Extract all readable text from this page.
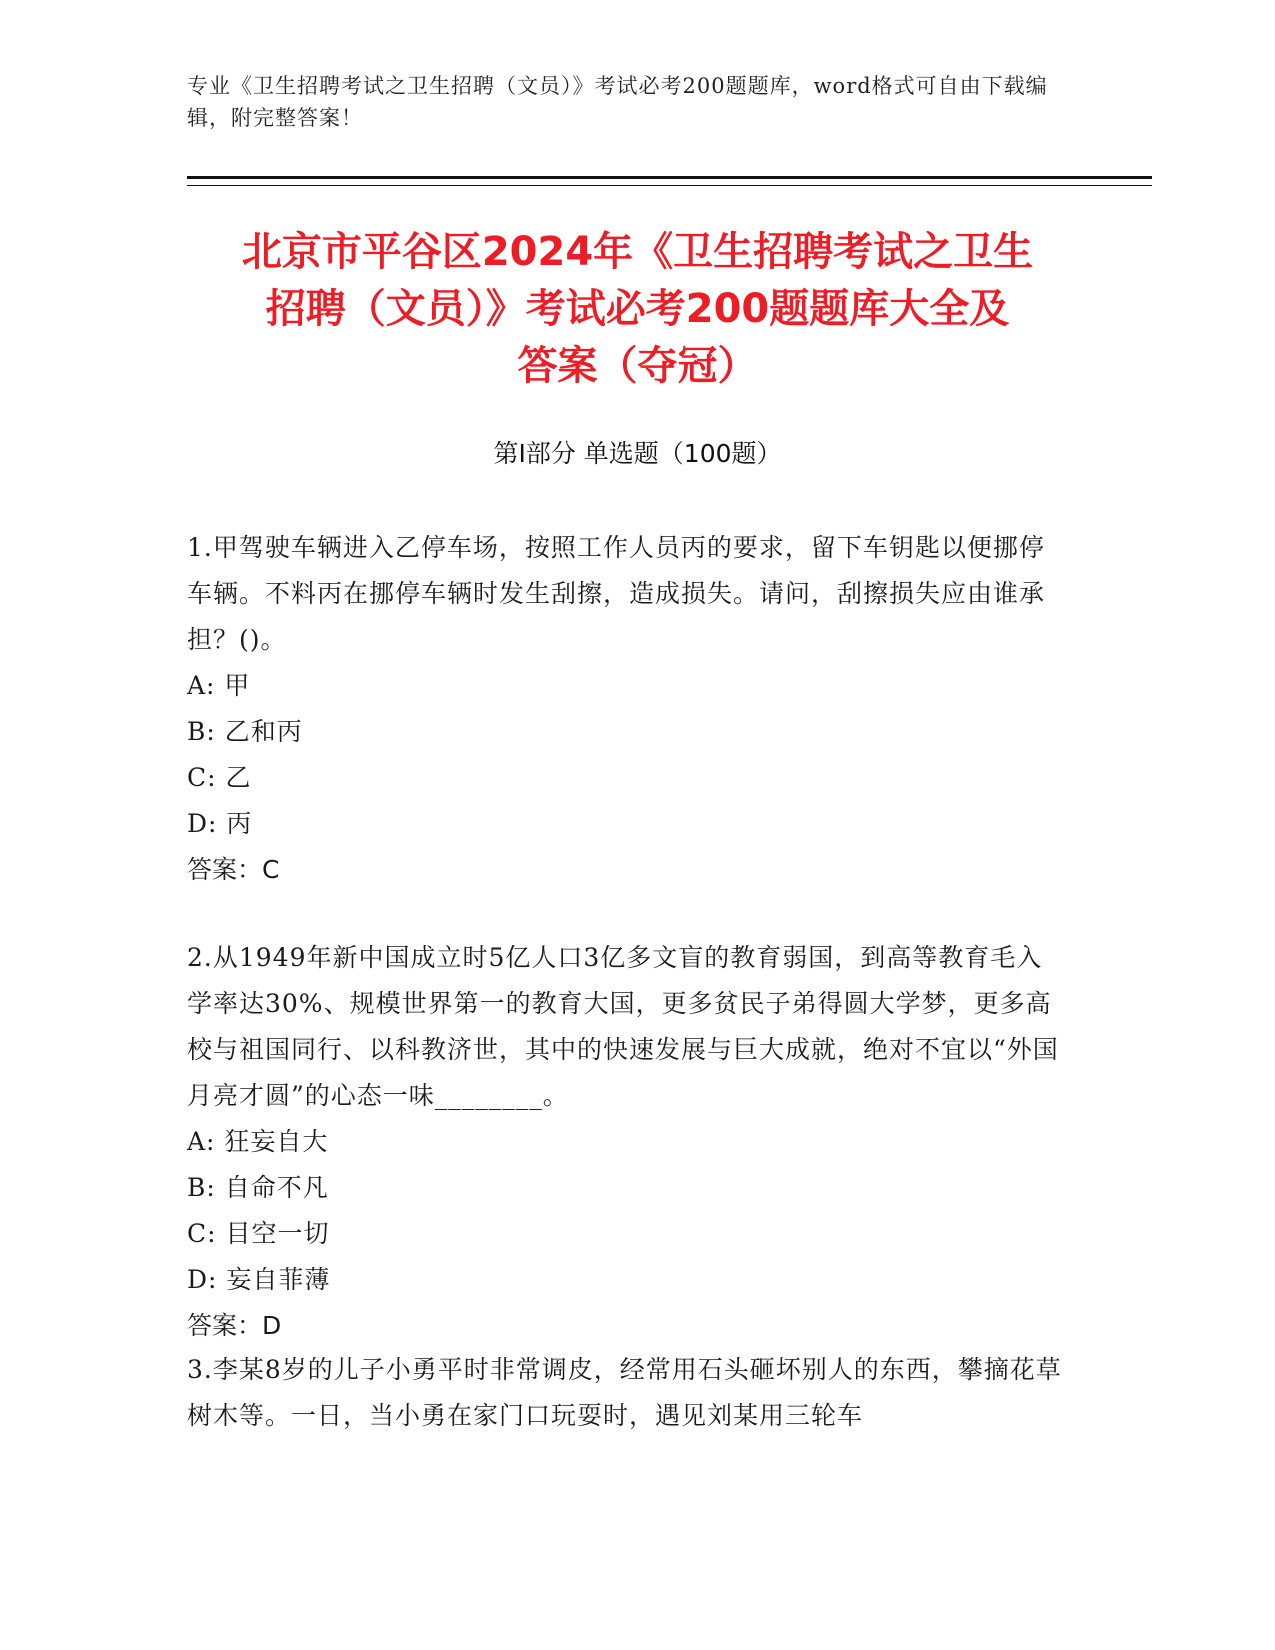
专业《卫生招聘考试之卫生招聘（文员）》考试必考200题题库，word格式可自由下载编辑，附完整答案！
北京市平谷区2024年《卫生招聘考试之卫生
招聘（文员）》考试必考200题题库大全及
答案（夺冠）
第Ⅰ部分 单选题（100题）
1.甲驾驶车辆进入乙停车场，按照工作人员丙的要求，留下车钥匙以便挪停车辆。不料丙在挪停车辆时发生刮擦，造成损失。请问，刮擦损失应由谁承担？()。
A: 甲
B: 乙和丙
C: 乙
D: 丙
答案：C
2.从1949年新中国成立时5亿人口3亿多文盲的教育弱国，到高等教育毛入学率达30%、规模世界第一的教育大国，更多贫民子弟得圆大学梦，更多高校与祖国同行、以科教济世，其中的快速发展与巨大成就，绝对不宜以“外国月亮才圆”的心态一味________。
A: 狂妄自大
B: 自命不凡
C: 目空一切
D: 妄自菲薄
答案：D
3.李某8岁的儿子小勇平时非常调皮，经常用石头砸坏别人的东西，攀摘花草树木等。一日，当小勇在家门口玩耍时，遇见刘某用三轮车
